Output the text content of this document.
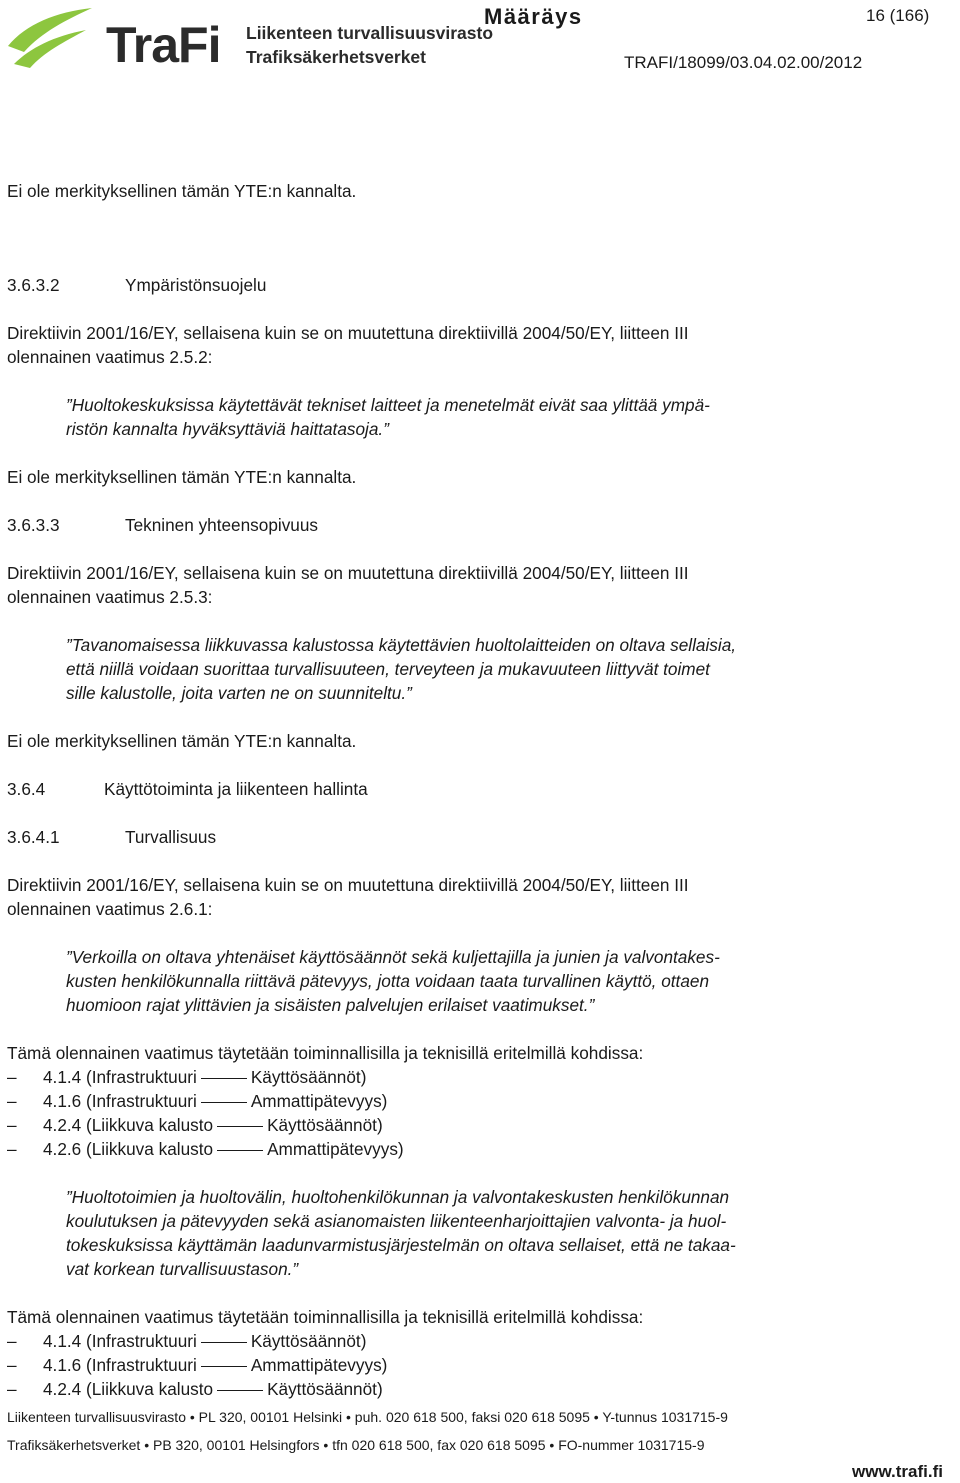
TraFi Liikenteen turvallisuusvirasto
Trafiksäkerhetsverket
Määräys	16 (166)
TRAFI/18099/03.04.02.00/2012
Ei ole merkityksellinen tämän YTE:n kannalta.
3.6.3.2	Ympäristönsuojelu
Direktiivin 2001/16/EY, sellaisena kuin se on muutettuna direktiivillä 2004/50/EY, liitteen III
olennainen vaatimus 2.5.2:
”Huoltokeskuksissa käytettävät tekniset laitteet ja menetelmät eivät saa ylittää ympä-
ristön kannalta hyväksyttäviä haittatasoja.”
Ei ole merkityksellinen tämän YTE:n kannalta.
3.6.3.3	Tekninen yhteensopivuus
Direktiivin 2001/16/EY, sellaisena kuin se on muutettuna direktiivillä 2004/50/EY, liitteen III
olennainen vaatimus 2.5.3:
”Tavanomaisessa liikkuvassa kalustossa käytettävien huoltolaitteiden on oltava sellaisia,
että niillä voidaan suorittaa turvallisuuteen, terveyteen ja mukavuuteen liittyvät toimet
sille kalustolle, joita varten ne on suunniteltu.”
Ei ole merkityksellinen tämän YTE:n kannalta.
3.6.4	Käyttötoiminta ja liikenteen hallinta
3.6.4.1	Turvallisuus
Direktiivin 2001/16/EY, sellaisena kuin se on muutettuna direktiivillä 2004/50/EY, liitteen III
olennainen vaatimus 2.6.1:
”Verkoilla on oltava yhtenäiset käyttösäännöt sekä kuljettajilla ja junien ja valvontakes-
kusten henkilökunnalla riittävä pätevyys, jotta voidaan taata turvallinen käyttö, ottaen
huomioon rajat ylittävien ja sisäisten palvelujen erilaiset vaatimukset.”
Tämä olennainen vaatimus täytetään toiminnallisilla ja teknisillä eritelmillä kohdissa:
– 4.1.4 (Infrastruktuuri	Käyttösäännöt)
– 4.1.6 (Infrastruktuuri	Ammattipätevyys)
– 4.2.4 (Liikkuva kalusto	Käyttösäännöt)
– 4.2.6 (Liikkuva kalusto	Ammattipätevyys)
”Huoltotoimien ja huoltovälin, huoltohenkilökunnan ja valvontakeskusten henkilökunnan
koulutuksen ja pätevyyden sekä asianomaisten liikenteenharjoittajien valvonta- ja huol-
tokeskuksissa käyttämän laadunvarmistusjärjestelmän on oltava sellaiset, että ne takaa-
vat korkean turvallisuustason.”
Tämä olennainen vaatimus täytetään toiminnallisilla ja teknisillä eritelmillä kohdissa:
– 4.1.4 (Infrastruktuuri	Käyttösäännöt)
– 4.1.6 (Infrastruktuuri	Ammattipätevyys)
– 4.2.4 (Liikkuva kalusto	Käyttösäännöt)
Liikenteen turvallisuusvirasto • PL 320, 00101 Helsinki • puh. 020 618 500, faksi 020 618 5095 • Y-tunnus 1031715-9
Trafiksäkerhetsverket • PB 320, 00101 Helsingfors • tfn 020 618 500, fax 020 618 5095 • FO-nummer 1031715-9
www.trafi.fi
